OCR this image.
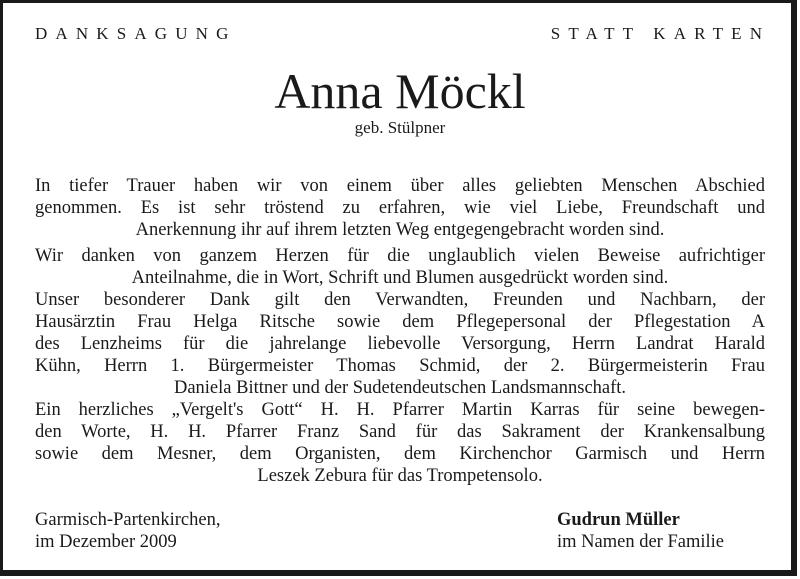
DANKSAGUNG	STATT KARTEN
Anna Möckl
geb. Stülpner
In tiefer Trauer haben wir von einem über alles geliebten Menschen Abschied
genommen. Es ist sehr tröstend zu erfahren, wie viel Liebe, Freundschaft und
Anerkennung ihr auf ihrem letzten Weg entgegengebracht worden sind.
Wir danken von ganzem Herzen für die unglaublich vielen Beweise aufrichtiger
Anteilnahme, die in Wort, Schrift und Blumen ausgedrückt worden sind.
Unser besonderer Dank gilt den Verwandten, Freunden und Nachbarn, der
Hausärztin Frau Helga Ritsche sowie dem Pflegepersonal der Pflegestation A
des Lenzheims für die jahrelange liebevolle Versorgung, Herrn Landrat Harald
Kühn, Herrn 1. Bürgermeister Thomas Schmid, der 2. Bürgermeisterin Frau
Daniela Bittner und der Sudetendeutschen Landsmannschaft.
Ein herzliches „Vergelt's Gott“ H. H. Pfarrer Martin Karras für seine bewegen-
den Worte, H. H. Pfarrer Franz Sand für das Sakrament der Krankensalbung
sowie dem Mesner, dem Organisten, dem Kirchenchor Garmisch und Herrn
Leszek Zebura für das Trompetensolo.
Garmisch-Partenkirchen,
im Dezember 2009
Gudrun Müller
im Namen der Familie
